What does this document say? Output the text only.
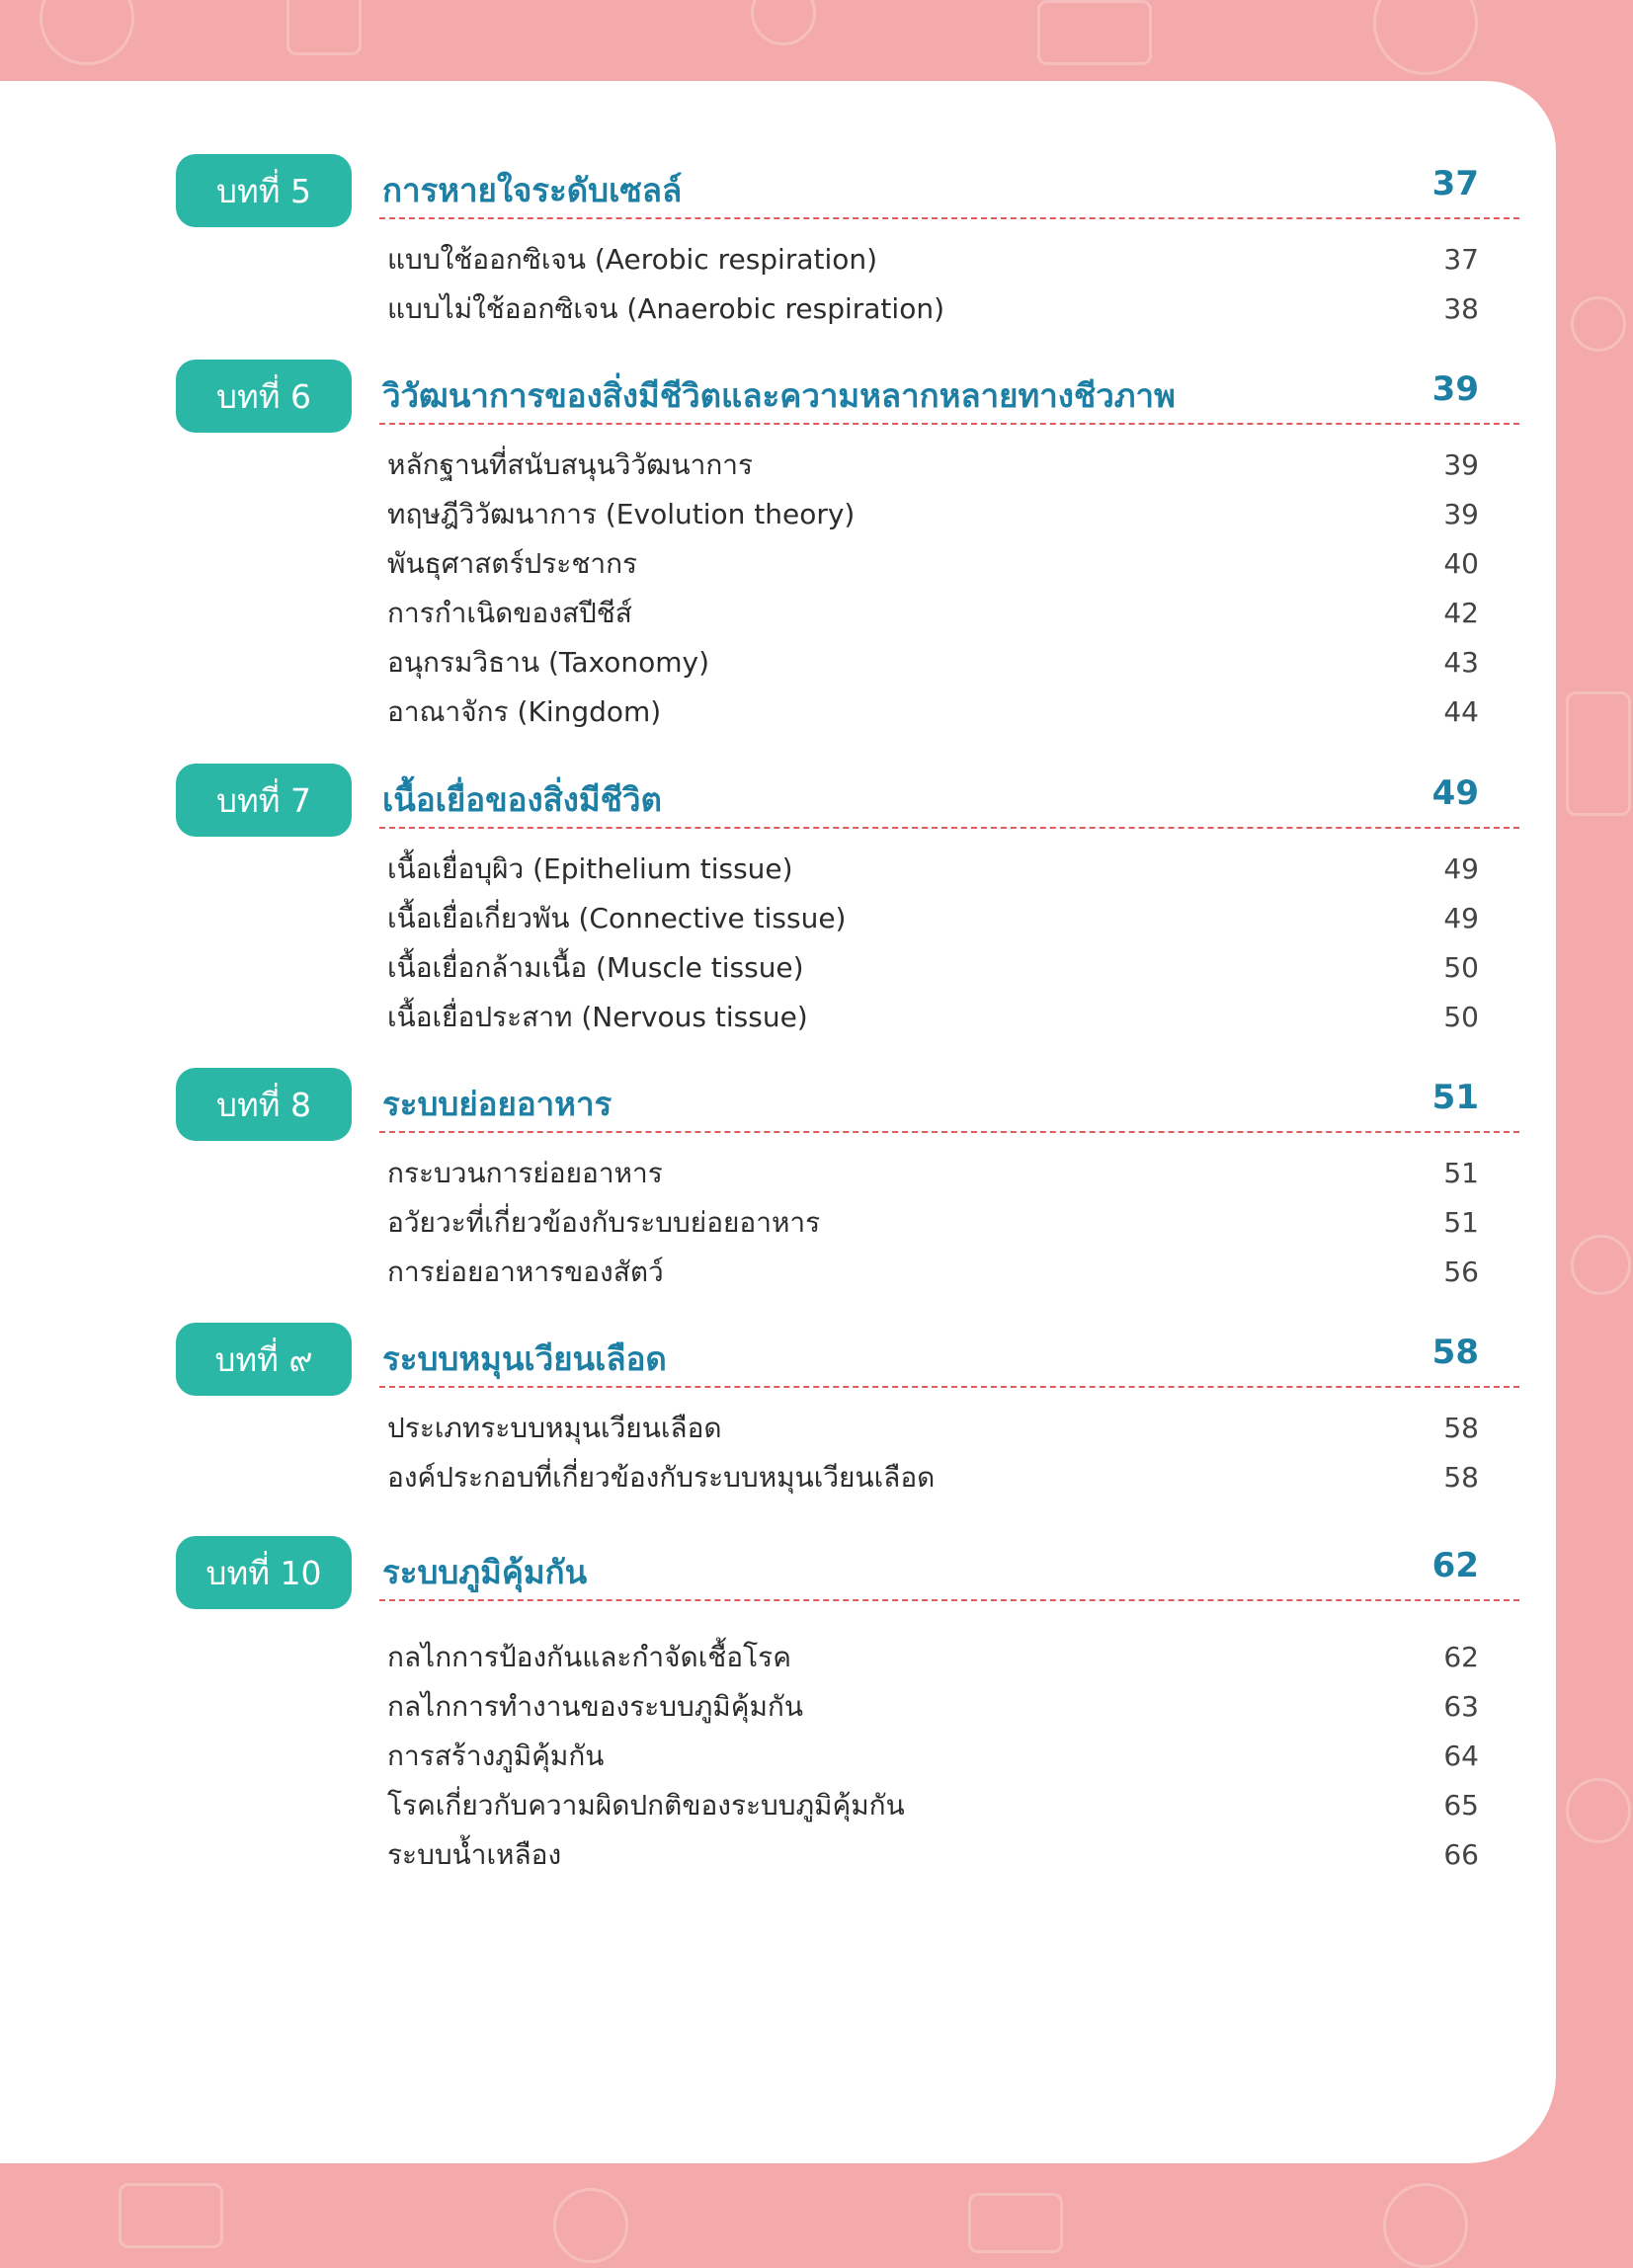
บทที่ 5	การหายใจระดับเซลล์	37
แบบใช้ออกซิเจน (Aerobic respiration)	37
แบบไม่ใช้ออกซิเจน (Anaerobic respiration)	38
บทที่ 6	วิวัฒนาการของสิ่งมีชีวิตและความหลากหลายทางชีวภาพ	39
หลักฐานที่สนับสนุนวิวัฒนาการ	39
ทฤษฎีวิวัฒนาการ (Evolution theory)	39
พันธุศาสตร์ประชากร	40
การกำเนิดของสปีชีส์	42
อนุกรมวิธาน (Taxonomy)	43
อาณาจักร (Kingdom)	44
บทที่ 7	เนื้อเยื่อของสิ่งมีชีวิต	49
เนื้อเยื่อบุผิว (Epithelium tissue)	49
เนื้อเยื่อเกี่ยวพัน (Connective tissue)	49
เนื้อเยื่อกล้ามเนื้อ (Muscle tissue)	50
เนื้อเยื่อประสาท (Nervous tissue)	50
บทที่ 8	ระบบย่อยอาหาร	51
กระบวนการย่อยอาหาร	51
อวัยวะที่เกี่ยวข้องกับระบบย่อยอาหาร	51
การย่อยอาหารของสัตว์	56
บทที่ ๙	ระบบหมุนเวียนเลือด	58
ประเภทระบบหมุนเวียนเลือด	58
องค์ประกอบที่เกี่ยวข้องกับระบบหมุนเวียนเลือด	58
บทที่ 10	ระบบภูมิคุ้มกัน	62
กลไกการป้องกันและกำจัดเชื้อโรค	62
กลไกการทำงานของระบบภูมิคุ้มกัน	63
การสร้างภูมิคุ้มกัน	64
โรคเกี่ยวกับความผิดปกติของระบบภูมิคุ้มกัน	65
ระบบน้ำเหลือง	66
